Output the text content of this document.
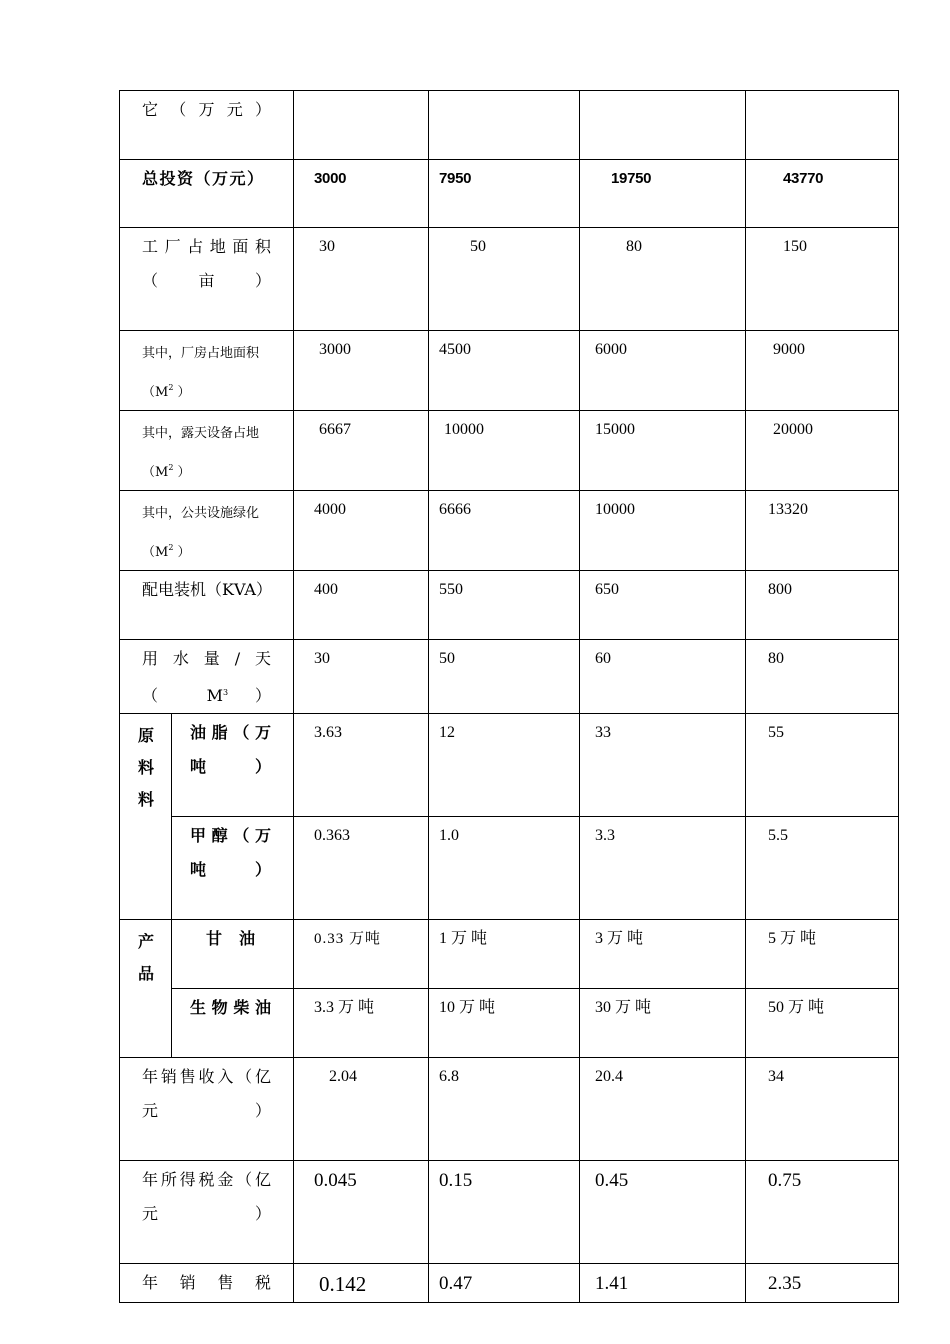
它（万元）					

总投资（万元）		3000	7950	19750	43770

工厂占地面积（亩）		30	50	80	150

其中，厂房占地面积
（$M^2$ ）		3000	4500	6000	9000

其中，露天设备占地
（$M^2$ ）		6667	10000	15000	20000

其中，公共设施绿化
（$M^2$ ）		4000	6666	10000	13320

配电装机（KVA）		400	550	650	800

用水量/天
（ $M^3$ ）		30	50	60	80

原料料	油脂（万吨）	3.63	12	33	55

	甲醇（万吨）	0.363	1.0	3.3	5.5

产品	甘油	0.33 万吨	1 万 吨	3 万 吨	5 万 吨

	生物柴油	3.3 万 吨	10 万 吨	30 万 吨	50 万 吨

年销售收入（亿元）		2.04	6.8	20.4	34

年所得税金（亿元）		0.045	0.15	0.45	0.75

年销售税		0.142	0.47	1.41	2.35
